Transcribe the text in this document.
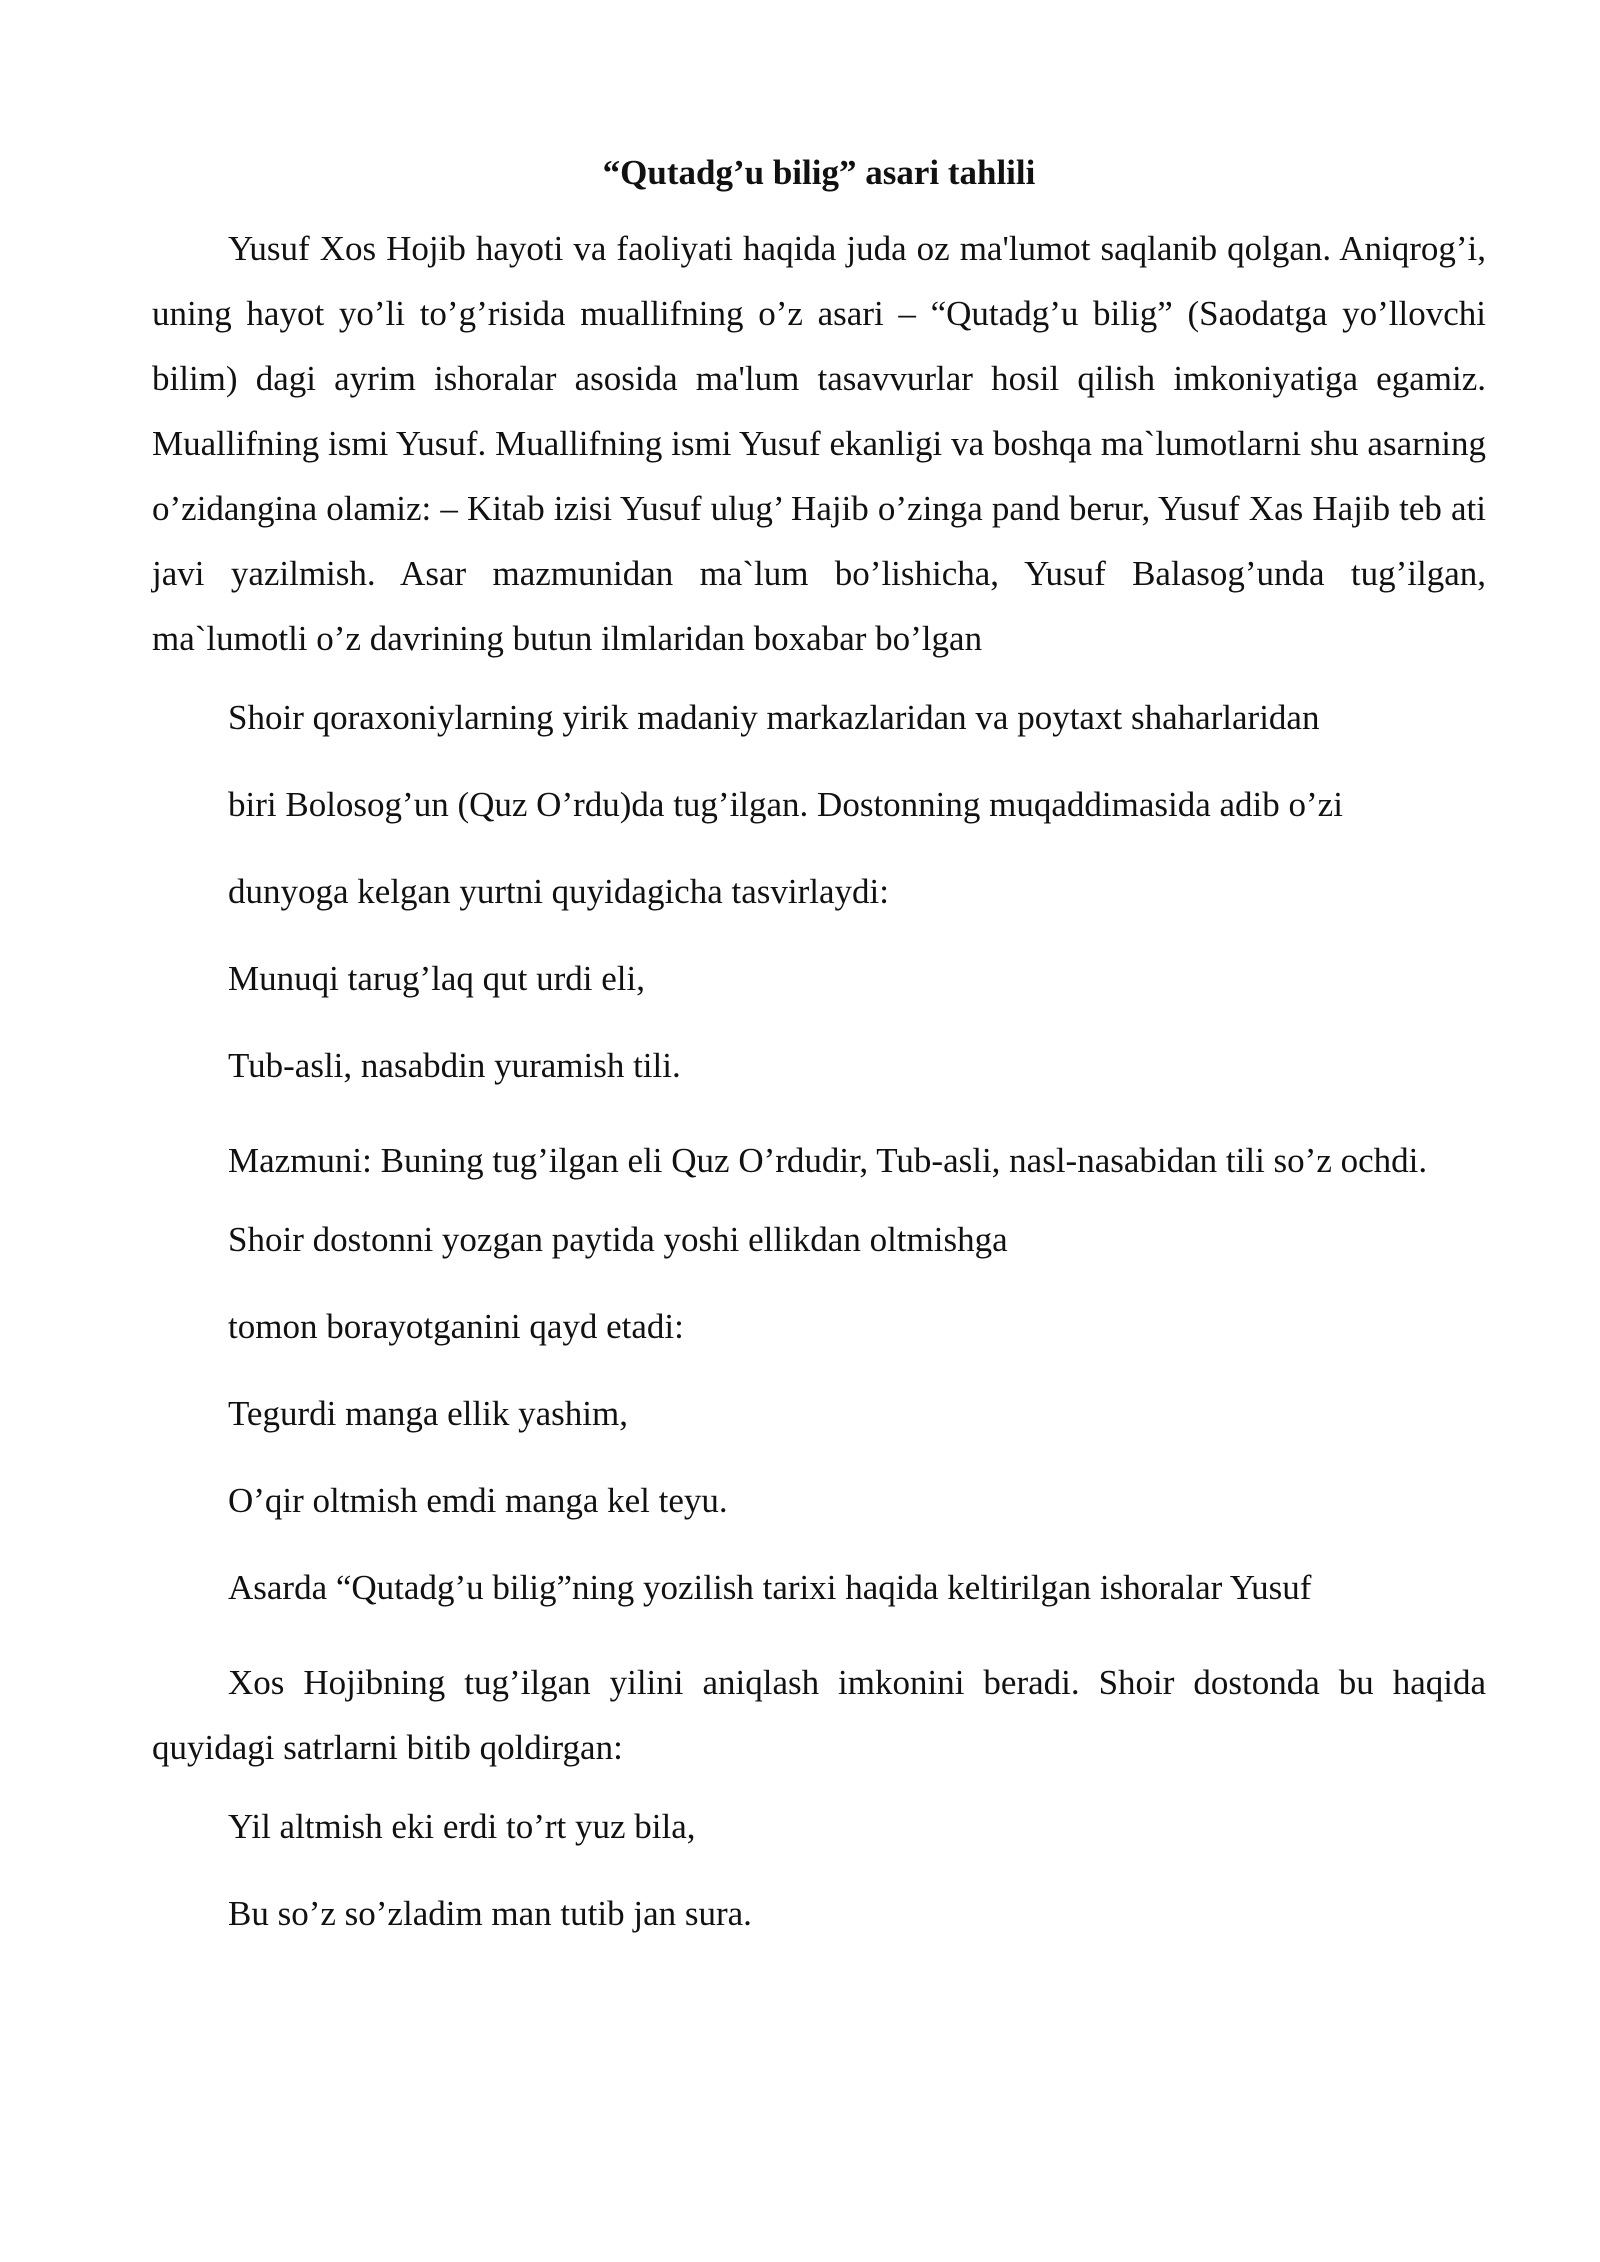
“Qutadg’u bilig” asari tahlili
Yusuf Xos Hojib hayoti va faoliyati haqida juda oz ma'lumot saqlanib qolgan. Aniqrog’i, uning hayot yo’li to’g’risida muallifning o’z asari – “Qutadg’u bilig” (Saodatga yo’llovchi bilim) dagi ayrim ishoralar asosida ma'lum tasavvurlar hosil qilish imkoniyatiga egamiz. Muallifning ismi Yusuf. Muallifning ismi Yusuf ekanligi va boshqa ma`lumotlarni shu asarning o’zidangina olamiz: – Kitab izisi Yusuf ulug’ Hajib o’zinga pand berur, Yusuf Xas Hajib teb ati javi yazilmish. Asar mazmunidan ma`lum bo’lishicha, Yusuf Balasog’unda tug’ilgan, ma`lumotli o’z davrining butun ilmlaridan boxabar bo’lgan
Shoir qoraxoniylarning yirik madaniy markazlaridan va poytaxt shaharlaridan
biri Bolosog’un (Quz O’rdu)da tug’ilgan. Dostonning muqaddimasida adib o’zi
dunyoga kelgan yurtni quyidagicha tasvirlaydi:
Munuqi tarug’laq qut urdi eli,
Tub-asli, nasabdin yuramish tili.
Mazmuni: Buning tug’ilgan eli Quz O’rdudir, Tub-asli, nasl-nasabidan tili so’z ochdi.
Shoir dostonni yozgan paytida yoshi ellikdan oltmishga
tomon borayotganini qayd etadi:
Tegurdi manga ellik yashim,
O’qir oltmish emdi manga kel teyu.
Asarda “Qutadg’u bilig”ning yozilish tarixi haqida keltirilgan ishoralar Yusuf
Xos Hojibning tug’ilgan yilini aniqlash imkonini beradi. Shoir dostonda bu haqida quyidagi satrlarni bitib qoldirgan:
Yil altmish eki erdi to’rt yuz bila,
Bu so’z so’zladim man tutib jan sura.
